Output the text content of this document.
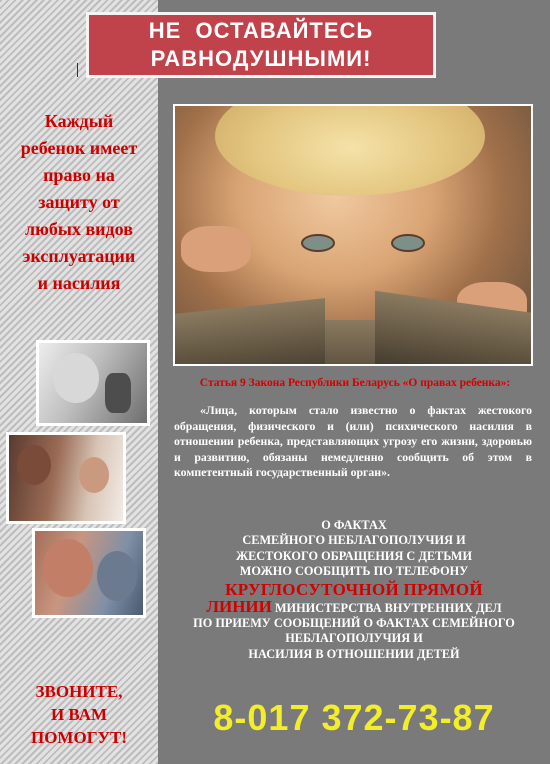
НЕ  ОСТАВАЙТЕСЬ
РАВНОДУШНЫМИ!
Каждый
ребенок имеет
право на
защиту от
любых видов
эксплуатации
и насилия
ЗВОНИТЕ,
И ВАМ
ПОМОГУТ!
Статья 9 Закона Республики Беларусь «О правах ребенка»:
«Лица, которым стало известно о фактах жестокого обращения, физического и (или) психического насилия в отношении ребенка, представляющих угрозу его жизни, здоровью и развитию, обязаны немедленно сообщить об этом в компетентный государственный орган».
О ФАКТАХ
СЕМЕЙНОГО НЕБЛАГОПОЛУЧИЯ И
ЖЕСТОКОГО ОБРАЩЕНИЯ С ДЕТЬМИ
МОЖНО СООБЩИТЬ ПО ТЕЛЕФОНУ
КРУГЛОСУТОЧНОЙ ПРЯМОЙ
ЛИНИИ МИНИСТЕРСТВА ВНУТРЕННИХ ДЕЛ
ПО ПРИЕМУ СООБЩЕНИЙ О ФАКТАХ СЕМЕЙНОГО
НЕБЛАГОПОЛУЧИЯ И
НАСИЛИЯ В ОТНОШЕНИИ ДЕТЕЙ
8-017 372-73-87
